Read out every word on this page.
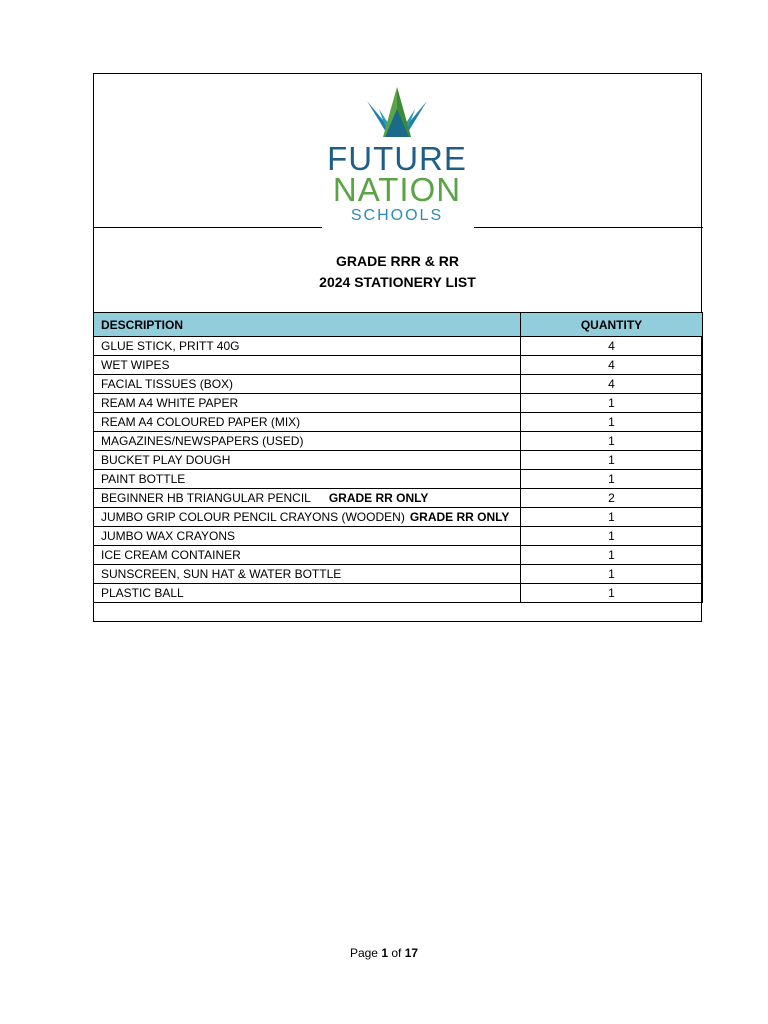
FUTURE
NATION
SCHOOLS
GRADE RRR & RR
2024 STATIONERY LIST
DESCRIPTION	QUANTITY
GLUE STICK, PRITT 40G	4
WET WIPES	4
FACIAL TISSUES (BOX)	4
REAM A4 WHITE PAPER	1
REAM A4 COLOURED PAPER (MIX)	1
MAGAZINES/NEWSPAPERS (USED)	1
BUCKET PLAY DOUGH	1
PAINT BOTTLE	1
BEGINNER HB TRIANGULAR PENCIL GRADE RR ONLY	2
JUMBO GRIP COLOUR PENCIL CRAYONS (WOODEN) GRADE RR ONLY	1
JUMBO WAX CRAYONS	1
ICE CREAM CONTAINER	1
SUNSCREEN, SUN HAT & WATER BOTTLE	1
PLASTIC BALL	1
Page 1 of 17
